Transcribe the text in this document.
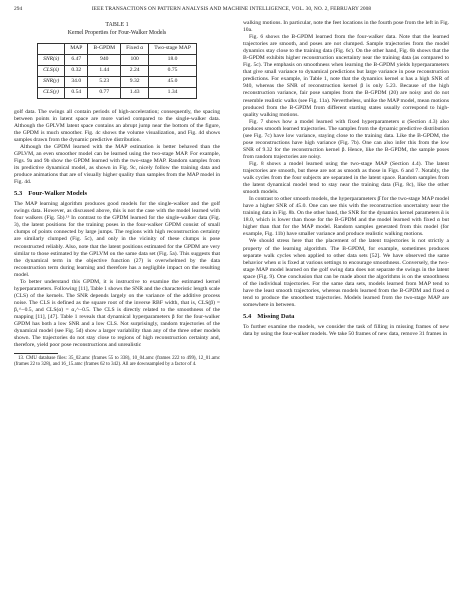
294	IEEE TRANSACTIONS ON PATTERN ANALYSIS AND MACHINE INTELLIGENCE, VOL. 30, NO. 2, FEBRUARY 2008
TABLE 1
Kernel Properties for Four-Walker Models
	MAP	B-GPDM	Fixed α	Two-stage MAP
SNR(ẋ)	6.47	940	100	18.0
CLS(ẋ)	0.32	1.44	2.24	0.75
SNR(y)	34.0	5.23	9.32	45.0
CLS(y)	0.54	0.77	1.43	1.34

golf data. The swings all contain periods of high-acceleration; consequently, the spacing between points in latent space are more varied compared to the single-walker data. Although the GPLVM latent space contains an abrupt jump near the bottom of the figure, the GPDM is much smoother. Fig. 4c shows the volume visualization, and Fig. 4d shows samples drawn from the dynamic predictive distribution.

Although the GPDM learned with the MAP estimation is better behaved than the GPLVM, an even smoother model can be learned using the two-stage MAP. For example, Figs. 9a and 9b show the GPDM learned with the two-stage MAP. Random samples from its predictive dynamical model, as shown in Fig. 9c, nicely follow the training data and produce animations that are of visually higher quality than samples from the MAP model in Fig. 4d.

5.3 Four-Walker Models

The MAP learning algorithm produces good models for the single-walker and the golf swings data. However, as discussed above, this is not the case with the model learned with four walkers (Fig. 5b).¹³ In contrast to the GPDM learned for the single-walker data (Fig. 3), the latent positions for the training poses in the four-walker GPDM consist of small clumps of points connected by large jumps. The regions with high reconstruction certainty are similarly clumped (Fig. 5c), and only in the vicinity of these clumps is pose reconstructed reliably. Also, note that the latent positions estimated for the GPDM are very similar to those estimated by the GPLVM on the same data set (Fig. 5a). This suggests that the dynamical term in the objective function (27) is overwhelmed by the data reconstruction term during learning and therefore has a negligible impact on the resulting model.

To better understand this GPDM, it is instructive to examine the estimated kernel hyperparameters. Following [11], Table 1 shows the SNR and the characteristic length scale (CLS) of the kernels. The SNR depends largely on the variance of the additive process noise. The CLS is defined as the square root of the inverse RBF width, that is, CLS(β) = β₁^−0.5, and CLS(α) = α₁^−0.5. The CLS is directly related to the smoothness of the mapping [11], [47]. Table 1 reveals that dynamical hyperparameters β for the four-walker GPDM has both a low SNR and a low CLS. Not surprisingly, random trajectories of the dynamical model (see Fig. 5d) show a larger variability than any of the three other models shown. The trajectories do not stay close to regions of high reconstruction certainty and, therefore, yield poor pose reconstructions and unrealistic

13. CMU database files: 35_02.amc (frames 55 to 338), 10_04.amc (frames 222 to 499), 12_01.amc (frames 22 to 328), and 16_15.amc (frames 62 to 342). All are downsampled by a factor of 4.

walking motions. In particular, note the feet locations in the fourth pose from the left in Fig. 10a.

Fig. 6 shows the B-GPDM learned from the four-walker data. Note that the learned trajectories are smooth, and poses are not clumped. Sample trajectories from the model dynamics stay close to the training data (Fig. 6c). On the other hand, Fig. 6b shows that the B-GPDM exhibits higher reconstruction uncertainty near the training data (as compared to Fig. 5c). The emphasis on smoothness when learning the B-GPDM yields hyperparameters that give small variance to dynamical predictions but large variance in pose reconstruction predictions. For example, in Table 1, note that the dynamics kernel α has a high SNR of 940, whereas the SNR of reconstruction kernel β is only 5.23. Because of the high reconstruction variance, fair pose samples from the B-GPDM (20) are noisy and do not resemble realistic walks (see Fig. 11a). Nevertheless, unlike the MAP model, mean motions produced from the B-GPDM from different starting states usually correspond to high-quality walking motions.

Fig. 7 shows how a model learned with fixed hyperparameters α (Section 4.3) also produces smooth learned trajectories. The samples from the dynamic predictive distribution (see Fig. 7c) have low variance, staying close to the training data. Like the B-GPDM, the pose reconstructions have high variance (Fig. 7b). One can also infer this from the low SNR of 9.32 for the reconstruction kernel β. Hence, like the B-GPDM, the sample poses from random trajectories are noisy.

Fig. 8 shows a model learned using the two-stage MAP (Section 4.4). The latent trajectories are smooth, but these are not as smooth as those in Figs. 6 and 7. Notably, the walk cycles from the four subjects are separated in the latent space. Random samples from the latent dynamical model tend to stay near the training data (Fig. 8c), like the other smooth models.

In contrast to other smooth models, the hyperparameters β̄ for the two-stage MAP model have a higher SNR of 45.0. One can see this with the reconstruction uncertainty near the training data in Fig. 8b. On the other hand, the SNR for the dynamics kernel parameters ᾱ is 18.0, which is lower than those for the B-GPDM and the model learned with fixed α but higher than that for the MAP model. Random samples generated from this model (for example, Fig. 11b) have smaller variance and produce realistic walking motions.

We should stress here that the placement of the latent trajectories is not strictly a property of the learning algorithm. The B-GPDM, for example, sometimes produces separate walk cycles when applied to other data sets [52]. We have observed the same behavior when α is fixed at various settings to encourage smoothness. Conversely, the two-stage MAP model learned on the golf swing data does not separate the swings in the latent space (Fig. 9). One conclusion that can be made about the algorithms is on the smoothness of the individual trajectories. For the same data sets, models learned from MAP tend to have the least smooth trajectories, whereas models learned from the B-GPDM and fixed α tend to produce the smoothest trajectories. Models learned from the two-stage MAP are somewhere in between.

5.4 Missing Data

To further examine the models, we consider the task of filling in missing frames of new data by using the four-walker models. We take 50 frames of new data, remove 31 frames in
